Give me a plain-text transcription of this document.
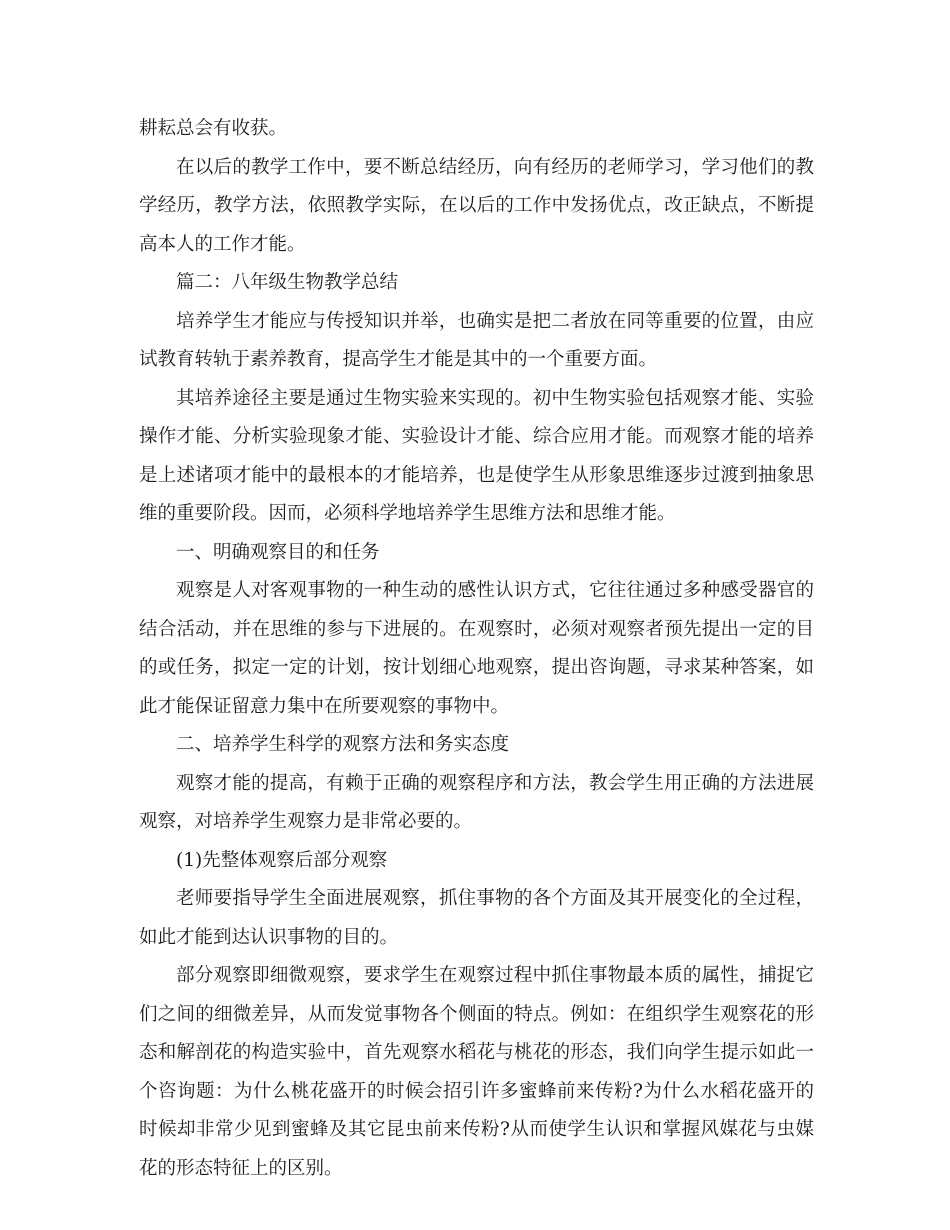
耕耘总会有收获。
在以后的教学工作中，要不断总结经历，向有经历的老师学习，学习他们的教
学经历，教学方法，依照教学实际，在以后的工作中发扬优点，改正缺点，不断提
高本人的工作才能。
篇二：八年级生物教学总结
培养学生才能应与传授知识并举，也确实是把二者放在同等重要的位置，由应
试教育转轨于素养教育，提高学生才能是其中的一个重要方面。
其培养途径主要是通过生物实验来实现的。初中生物实验包括观察才能、实验
操作才能、分析实验现象才能、实验设计才能、综合应用才能。而观察才能的培养
是上述诸项才能中的最根本的才能培养，也是使学生从形象思维逐步过渡到抽象思
维的重要阶段。因而，必须科学地培养学生思维方法和思维才能。
一、明确观察目的和任务
观察是人对客观事物的一种生动的感性认识方式，它往往通过多种感受器官的
结合活动，并在思维的参与下进展的。在观察时，必须对观察者预先提出一定的目
的或任务，拟定一定的计划，按计划细心地观察，提出咨询题，寻求某种答案，如
此才能保证留意力集中在所要观察的事物中。
二、培养学生科学的观察方法和务实态度
观察才能的提高，有赖于正确的观察程序和方法，教会学生用正确的方法进展
观察，对培养学生观察力是非常必要的。
(1)先整体观察后部分观察
老师要指导学生全面进展观察，抓住事物的各个方面及其开展变化的全过程，
如此才能到达认识事物的目的。
部分观察即细微观察，要求学生在观察过程中抓住事物最本质的属性，捕捉它
们之间的细微差异，从而发觉事物各个侧面的特点。例如：在组织学生观察花的形
态和解剖花的构造实验中，首先观察水稻花与桃花的形态，我们向学生提示如此一
个咨询题：为什么桃花盛开的时候会招引许多蜜蜂前来传粉?为什么水稻花盛开的
时候却非常少见到蜜蜂及其它昆虫前来传粉?从而使学生认识和掌握风媒花与虫媒
花的形态特征上的区别。
